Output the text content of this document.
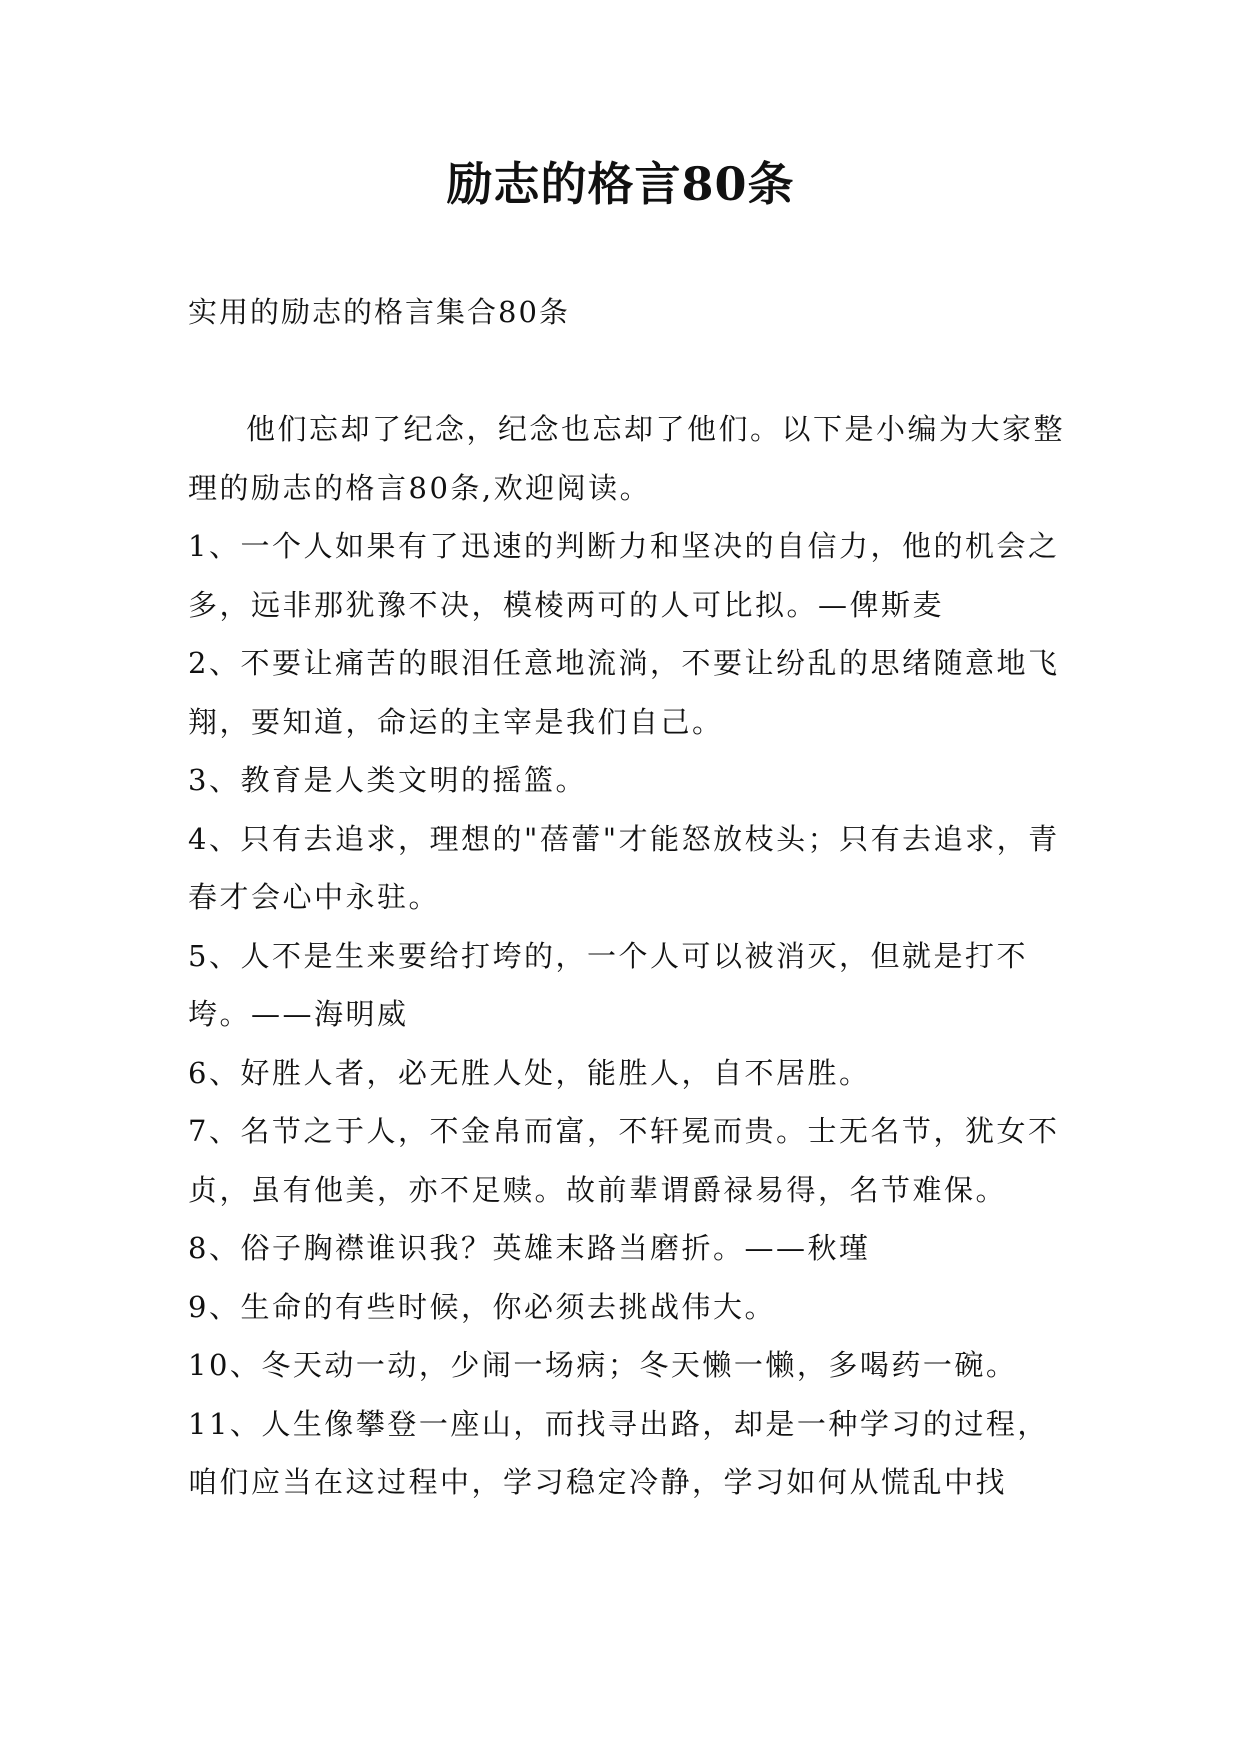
励志的格言80条

实用的励志的格言集合80条

他们忘却了纪念，纪念也忘却了他们。以下是小编为大家整理的励志的格言80条,欢迎阅读。

1、一个人如果有了迅速的判断力和坚决的自信力，他的机会之多，远非那犹豫不决，模棱两可的人可比拟。—俾斯麦

2、不要让痛苦的眼泪任意地流淌，不要让纷乱的思绪随意地飞翔，要知道，命运的主宰是我们自己。

3、教育是人类文明的摇篮。

4、只有去追求，理想的"蓓蕾"才能怒放枝头；只有去追求，青春才会心中永驻。

5、人不是生来要给打垮的，一个人可以被消灭，但就是打不垮。——海明威

6、好胜人者，必无胜人处，能胜人，自不居胜。

7、名节之于人，不金帛而富，不轩冕而贵。士无名节，犹女不贞，虽有他美，亦不足赎。故前辈谓爵禄易得，名节难保。

8、俗子胸襟谁识我？英雄末路当磨折。——秋瑾

9、生命的有些时候，你必须去挑战伟大。

10、冬天动一动，少闹一场病；冬天懒一懒，多喝药一碗。

11、人生像攀登一座山，而找寻出路，却是一种学习的过程，咱们应当在这过程中，学习稳定冷静，学习如何从慌乱中找
